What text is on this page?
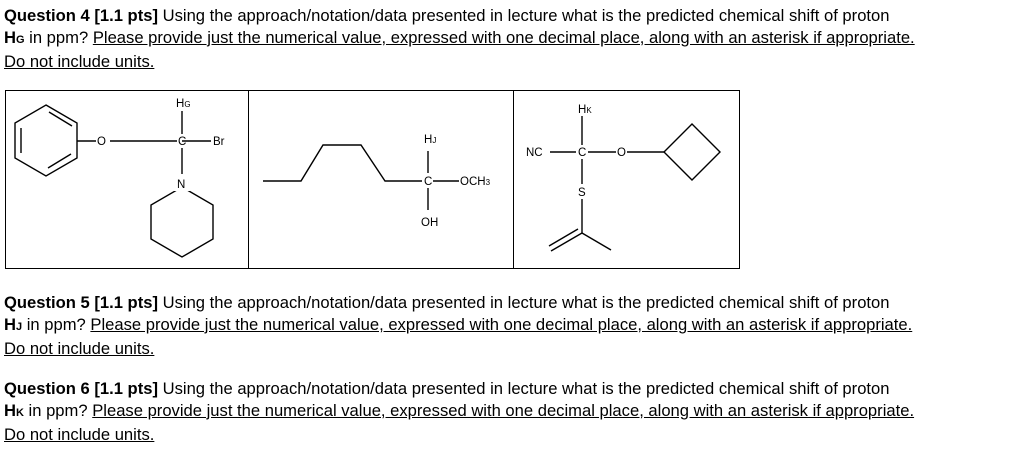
Question 4 [1.1 pts] Using the approach/notation/data presented in lecture what is the predicted chemical shift of proton
HG in ppm? Please provide just the numerical value, expressed with one decimal place, along with an asterisk if appropriate.
Do not include units.
HG
O	C Br
N
HJ
C OCH3
OH
HK
NC	C	O
S
Question 5 [1.1 pts] Using the approach/notation/data presented in lecture what is the predicted chemical shift of proton
HJ in ppm? Please provide just the numerical value, expressed with one decimal place, along with an asterisk if appropriate.
Do not include units.
Question 6 [1.1 pts] Using the approach/notation/data presented in lecture what is the predicted chemical shift of proton
HK in ppm? Please provide just the numerical value, expressed with one decimal place, along with an asterisk if appropriate.
Do not include units.
